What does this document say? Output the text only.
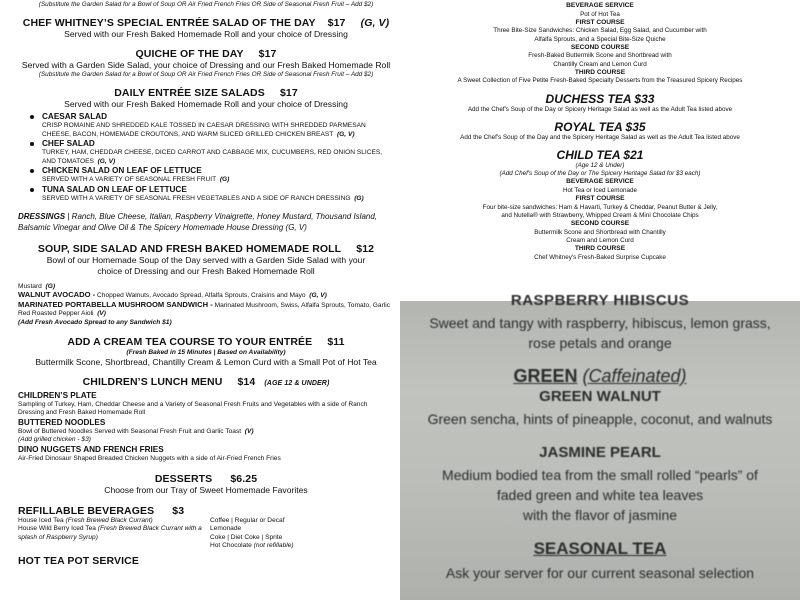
(Substitute the Garden Salad for a Bowl of Soup OR Air Fried French Fries OR Side of Seasonal Fresh Fruit – Add $2)
CHEF WHITNEY’S SPECIAL ENTRÉE SALAD OF THE DAY $17 (G, V)
Served with our Fresh Baked Homemade Roll and your choice of Dressing
QUICHE OF THE DAY $17
Served with a Garden Side Salad, your choice of Dressing and our Fresh Baked Homemade Roll
(Substitute the Garden Salad for a Bowl of Soup OR Air Fried French Fries OR Side of Seasonal Fresh Fruit – Add $2)
DAILY ENTRÉE SIZE SALADS $17
Served with our Fresh Baked Homemade Roll and your choice of Dressing
CAESAR SALAD
CRISP ROMAINE AND SHREDDED KALE TOSSED IN CAESAR DRESSING WITH SHREDDED PARMESAN CHEESE, BACON, HOMEMADE CROUTONS, AND WARM SLICED GRILLED CHICKEN BREAST (G, V)
CHEF SALAD
TURKEY, HAM, CHEDDAR CHEESE, DICED CARROT AND CABBAGE MIX, CUCUMBERS, RED ONION SLICES, AND TOMATOES (G, V)
CHICKEN SALAD ON LEAF OF LETTUCE
SERVED WITH A VARIETY OF SEASONAL FRESH FRUIT (G)
TUNA SALAD ON LEAF OF LETTUCE
SERVED WITH A VARIETY OF SEASONAL FRESH VEGETABLES AND A SIDE OF RANCH DRESSING (G)
DRESSINGS | Ranch, Blue Cheese, Italian, Raspberry Vinaigrette, Honey Mustard, Thousand Island, Balsamic Vinegar and Olive Oil & The Spicery Homemade House Dressing (G, V)
SOUP, SIDE SALAD AND FRESH BAKED HOMEMADE ROLL $12
Bowl of our Homemade Soup of the Day served with a Garden Side Salad with your choice of Dressing and our Fresh Baked Homemade Roll
Mustard (G)
WALNUT AVOCADO - Chopped Walnuts, Avocado Spread, Alfalfa Sprouts, Craisins and Mayo (G, V)
MARINATED PORTABELLA MUSHROOM SANDWICH - Marinated Mushroom, Swiss, Alfalfa Sprouts, Tomato, Garlic Red Roasted Pepper Aioli (V)
(Add Fresh Avocado Spread to any Sandwich $1)
ADD A CREAM TEA COURSE TO YOUR ENTRÉE $11
(Fresh Baked in 15 Minutes | Based on Availability)
Buttermilk Scone, Shortbread, Chantilly Cream & Lemon Curd with a Small Pot of Hot Tea
CHILDREN’S LUNCH MENU $14 (AGE 12 & UNDER)
CHILDREN’S PLATE
Sampling of Turkey, Ham, Cheddar Cheese and a Variety of Seasonal Fresh Fruits and Vegetables with a side of Ranch Dressing and Fresh Baked Homemade Roll
BUTTERED NOODLES
Bowl of Buttered Noodles Served with Seasonal Fresh Fruit and Garlic Toast (V)
(Add grilled chicken - $3)
DINO NUGGETS AND FRENCH FRIES
Air-Fried Dinosaur Shaped Breaded Chicken Nuggets with a side of Air-Fried French Fries
DESSERTS $6.25
Choose from our Tray of Sweet Homemade Favorites
REFILLABLE BEVERAGES $3
House Iced Tea (Fresh Brewed Black Currant)
House Wild Berry Iced Tea (Fresh Brewed Black Currant with a splash of Raspberry Syrup)
Coffee | Regular or Decaf
Lemonade
Coke | Diet Coke | Sprite
Hot Chocolate (not refillable)
HOT TEA POT SERVICE
BEVERAGE SERVICE
Pot of Hot Tea
FIRST COURSE
Three Bite-Size Sandwiches: Chicken Salad, Egg Salad, and Cucumber with Alfalfa Sprouts, and a Special Bite-Size Quiche
SECOND COURSE
Fresh-Baked Buttermilk Scone and Shortbread with Chantilly Cream and Lemon Curd
THIRD COURSE
A Sweet Collection of Five Petite Fresh-Baked Specialty Desserts from the Treasured Spicery Recipes
DUCHESS TEA $33
Add the Chef's Soup of the Day or Spicery Heritage Salad as well as the Adult Tea listed above
ROYAL TEA $35
Add the Chef's Soup of the Day and the Spicery Heritage Salad as well as the Adult Tea listed above
CHILD TEA $21
(Age 12 & Under)
(Add Chef's Soup of the Day or The Spicery Heritage Salad for $3 each)
BEVERAGE SERVICE
Hot Tea or Iced Lemonade
FIRST COURSE
Four bite-size sandwiches: Ham & Havarti, Turkey & Cheddar, Peanut Butter & Jelly, and Nutella® with Strawberry, Whipped Cream & Mini Chocolate Chips
SECOND COURSE
Buttermilk Scone and Shortbread with Chantilly Cream and Lemon Curd
THIRD COURSE
Chef Whitney's Fresh-Baked Surprise Cupcake
RASPBERRY HIBISCUS
Sweet and tangy with raspberry, hibiscus, lemon grass,
rose petals and orange
GREEN (Caffeinated)
GREEN WALNUT
Green sencha, hints of pineapple, coconut, and walnuts
JASMINE PEARL
Medium bodied tea from the small rolled “pearls” of
faded green and white tea leaves
with the flavor of jasmine
SEASONAL TEA
Ask your server for our current seasonal selection
